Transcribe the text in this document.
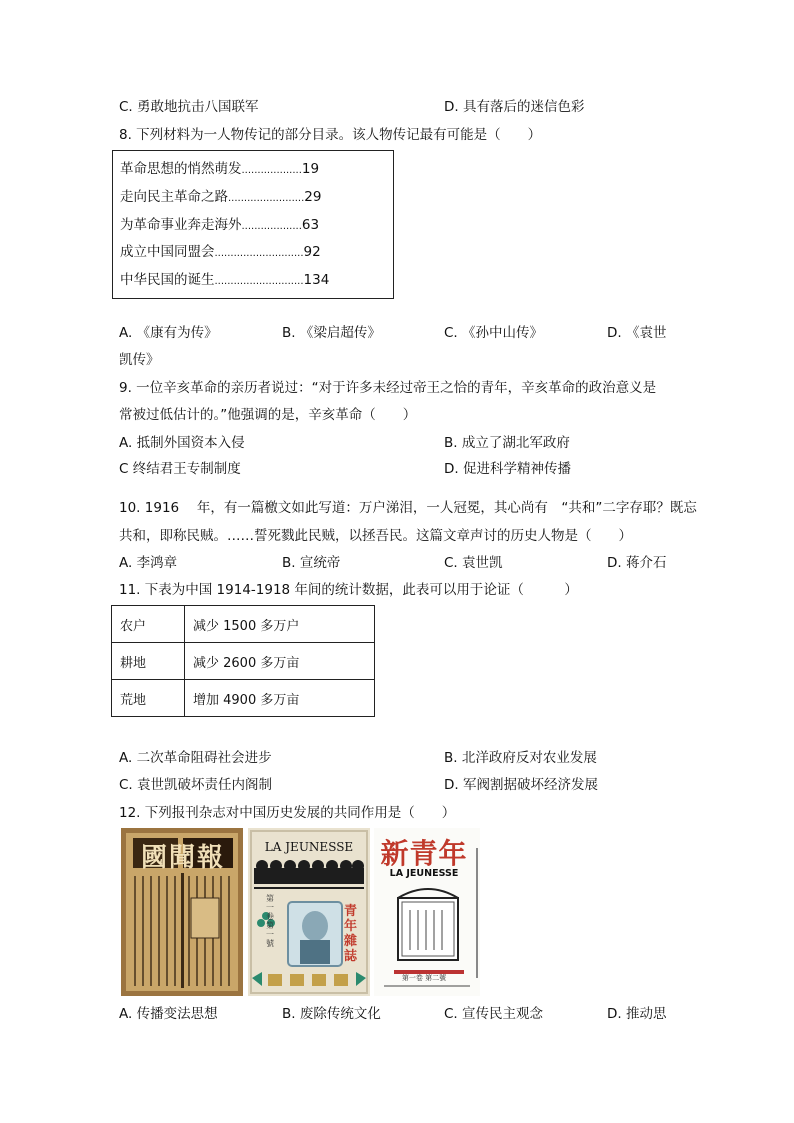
C. 勇敢地抗击八国联军	D. 具有落后的迷信色彩
8. 下列材料为一人物传记的部分目录。该人物传记最有可能是（　　）
革命思想的悄然萌发...................19
走向民主革命之路........................29
为革命事业奔走海外...................63
成立中国同盟会............................92
中华民国的诞生............................134
A. 《康有为传》	B. 《梁启超传》	C. 《孙中山传》	D. 《袁世
凯传》
9. 一位辛亥革命的亲历者说过：“对于许多未经过帝王之恰的青年，辛亥革命的政治意义是
常被过低估计的。”他强调的是，辛亥革命（　　）
A. 抵制外国资本入侵	B. 成立了湖北军政府
C 终结君王专制制度	D. 促进科学精神传播
10. 1916　 年，有一篇檄文如此写道：万户涕泪，一人冠冕，其心尚有　“共和”二字存耶？既忘
共和，即称民贼。……誓死戮此民贼，以拯吾民。这篇文章声讨的历史人物是（　　）
A. 李鸿章	B. 宣统帝	C. 袁世凯	D. 蒋介石
11. 下表为中国 1914-1918 年间的统计数据，此表可以用于论证（　　　）
农户	减少 1500 多万户
耕地	减少 2600 多万亩
荒地	增加 4900 多万亩
A. 二次革命阻碍社会进步	B. 北洋政府反对农业发展
C. 袁世凯破坏责任内阁制	D. 军阀割据破坏经济发展
12. 下列报刊杂志对中国历史发展的共同作用是（　　）
國聞報	LA JEUNESSE
青年雜誌
第一卷第一號
新青年
LA JEUNESSE
第一卷 第二號
A. 传播变法思想	B. 废除传统文化	C. 宣传民主观念	D. 推动思
